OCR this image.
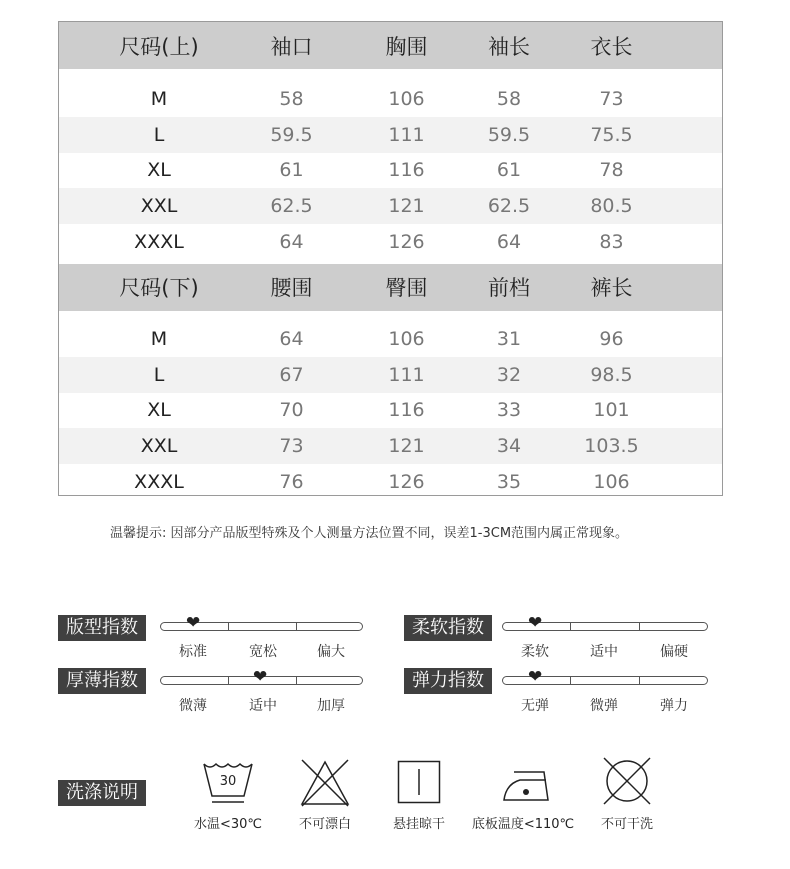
尺码(上)	袖口	胸围	袖长	衣长
M	58	106	58	73
L	59.5	111	59.5	75.5
XL	61	116	61	78
XXL	62.5	121	62.5	80.5
XXXL	64	126	64	83
尺码(下)	腰围	臀围	前档	裤长
M	64	106	31	96
L	67	111	32	98.5
XL	70	116	33	101
XXL	73	121	34	103.5
XXXL	76	126	35	106
温馨提示: 因部分产品版型特殊及个人测量方法位置不同，误差1-3CM范围内属正常现象。
版型指数	❤
标准	宽松	偏大
柔软指数	❤
柔软	适中	偏硬
厚薄指数	❤
微薄	适中	加厚
弹力指数	❤
无弹	微弹	弹力
洗涤说明
30
水温<30℃	不可漂白	悬挂晾干	底板温度<110℃	不可干洗
